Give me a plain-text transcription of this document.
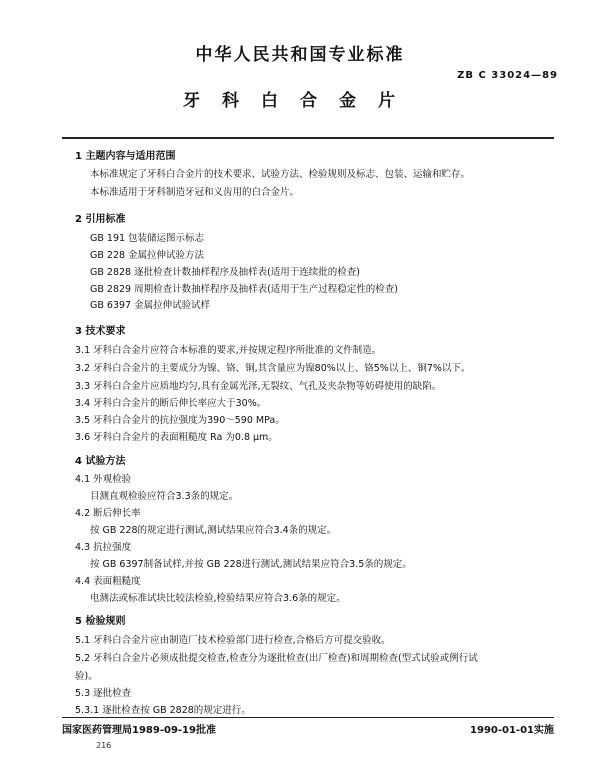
中华人民共和国专业标准
ZB C 33024—89
牙科白合金片
1 主题内容与适用范围
本标准规定了牙科白合金片的技术要求、试验方法、检验规则及标志、包装、运输和贮存。
本标准适用于牙科制造牙冠和义齿用的白合金片。
2 引用标准
GB 191 包装储运图示标志
GB 228 金属拉伸试验方法
GB 2828 逐批检查计数抽样程序及抽样表(适用于连续批的检查)
GB 2829 周期检查计数抽样程序及抽样表(适用于生产过程稳定性的检查)
GB 6397 金属拉伸试验试样
3 技术要求
3.1 牙科白合金片应符合本标准的要求,并按规定程序所批准的文件制造。
3.2 牙科白合金片的主要成分为镍、铬、铜,其含量应为镍80%以上、铬5%以上、铜7%以下。
3.3 牙科白合金片应质地均匀,具有金属光泽,无裂纹、气孔及夹杂物等妨碍使用的缺陷。
3.4 牙科白合金片的断后伸长率应大于30%。
3.5 牙科白合金片的抗拉强度为390～590 MPa。
3.6 牙科白合金片的表面粗糙度 Ra 为0.8 μm。
4 试验方法
4.1 外观检验
目测直观检验应符合3.3条的规定。
4.2 断后伸长率
按 GB 228的规定进行测试,测试结果应符合3.4条的规定。
4.3 抗拉强度
按 GB 6397制备试样,并按 GB 228进行测试,测试结果应符合3.5条的规定。
4.4 表面粗糙度
电测法或标准试块比较法检验,检验结果应符合3.6条的规定。
5 检验规则
5.1 牙科白合金片应由制造厂技术检验部门进行检查,合格后方可提交验收。
5.2 牙科白合金片必须成批提交检查,检查分为逐批检查(出厂检查)和周期检查(型式试验或例行试
验)。
5.3 逐批检查
5.3.1 逐批检查按 GB 2828的规定进行。
国家医药管理局1989-09-19批准	1990-01-01实施
216
